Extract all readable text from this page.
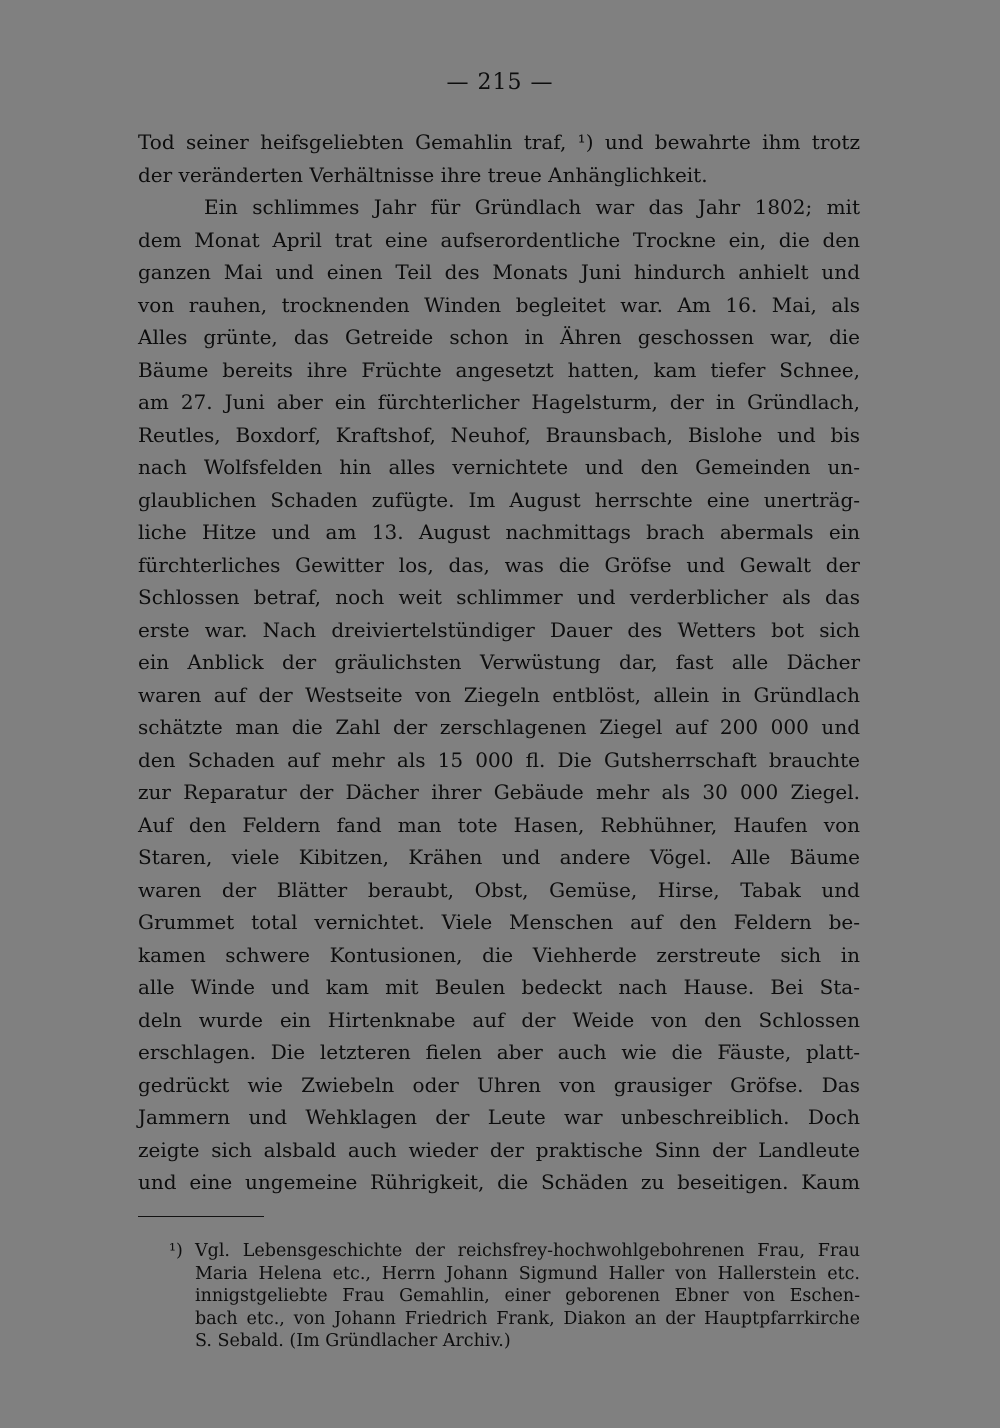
— 215 —
Tod seiner heifsgeliebten Gemahlin traf, ¹) und bewahrte ihm trotz
der veränderten Verhältnisse ihre treue Anhänglichkeit.
Ein schlimmes Jahr für Gründlach war das Jahr 1802; mit
dem Monat April trat eine aufserordentliche Trockne ein, die den
ganzen Mai und einen Teil des Monats Juni hindurch anhielt und
von rauhen, trocknenden Winden begleitet war. Am 16. Mai, als
Alles grünte, das Getreide schon in Ähren geschossen war, die
Bäume bereits ihre Früchte angesetzt hatten, kam tiefer Schnee,
am 27. Juni aber ein fürchterlicher Hagelsturm, der in Gründlach,
Reutles, Boxdorf, Kraftshof, Neuhof, Braunsbach, Bislohe und bis
nach Wolfsfelden hin alles vernichtete und den Gemeinden un-
glaublichen Schaden zufügte. Im August herrschte eine unerträg-
liche Hitze und am 13. August nachmittags brach abermals ein
fürchterliches Gewitter los, das, was die Gröfse und Gewalt der
Schlossen betraf, noch weit schlimmer und verderblicher als das
erste war. Nach dreiviertelstündiger Dauer des Wetters bot sich
ein Anblick der gräulichsten Verwüstung dar, fast alle Dächer
waren auf der Westseite von Ziegeln entblöst, allein in Gründlach
schätzte man die Zahl der zerschlagenen Ziegel auf 200 000 und
den Schaden auf mehr als 15 000 fl. Die Gutsherrschaft brauchte
zur Reparatur der Dächer ihrer Gebäude mehr als 30 000 Ziegel.
Auf den Feldern fand man tote Hasen, Rebhühner, Haufen von
Staren, viele Kibitzen, Krähen und andere Vögel. Alle Bäume
waren der Blätter beraubt, Obst, Gemüse, Hirse, Tabak und
Grummet total vernichtet. Viele Menschen auf den Feldern be-
kamen schwere Kontusionen, die Viehherde zerstreute sich in
alle Winde und kam mit Beulen bedeckt nach Hause. Bei Sta-
deln wurde ein Hirtenknabe auf der Weide von den Schlossen
erschlagen. Die letzteren fielen aber auch wie die Fäuste, platt-
gedrückt wie Zwiebeln oder Uhren von grausiger Gröfse. Das
Jammern und Wehklagen der Leute war unbeschreiblich. Doch
zeigte sich alsbald auch wieder der praktische Sinn der Landleute
und eine ungemeine Rührigkeit, die Schäden zu beseitigen. Kaum
¹) Vgl. Lebensgeschichte der reichsfrey-hochwohlgebohrenen Frau, Frau
Maria Helena etc., Herrn Johann Sigmund Haller von Hallerstein etc.
innigstgeliebte Frau Gemahlin, einer geborenen Ebner von Eschen-
bach etc., von Johann Friedrich Frank, Diakon an der Hauptpfarrkirche
S. Sebald. (Im Gründlacher Archiv.)
